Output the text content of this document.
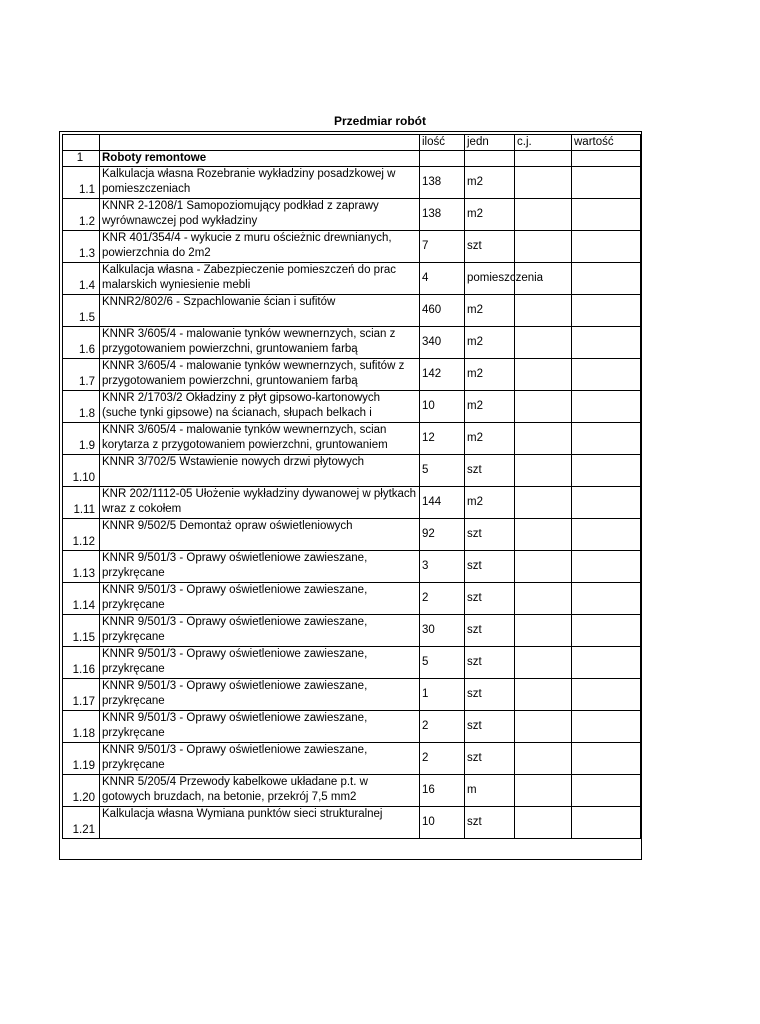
Przedmiar robót
		ilość	jedn	c.j.	wartość
1	Roboty remontowe				
1.1	Kalkulacja własna Rozebranie wykładziny posadzkowej w pomieszczeniach	138	m2		
1.2	KNNR 2-1208/1 Samopoziomujący podkład z zaprawy wyrównawczej pod wykładziny	138	m2		
1.3	KNR 401/354/4 - wykucie z muru ościeżnic drewnianych, powierzchnia do 2m2	7	szt		
1.4	Kalkulacja własna - Zabezpieczenie pomieszczeń do prac malarskich wyniesienie mebli	4	pomieszczenia		
1.5	KNNR2/802/6 - Szpachlowanie ścian i sufitów	460	m2		
1.6	KNNR 3/605/4 - malowanie tynków wewnernzych, scian z przygotowaniem powierzchni, gruntowaniem farbą	340	m2		
1.7	KNNR 3/605/4 - malowanie tynków wewnernzych, sufitów z przygotowaniem powierzchni, gruntowaniem farbą	142	m2		
1.8	KNNR 2/1703/2 Okładziny z płyt gipsowo-kartonowych (suche tynki gipsowe) na ścianach, słupach belkach i	10	m2		
1.9	KNNR 3/605/4 - malowanie tynków wewnernzych, scian korytarza z przygotowaniem powierzchni, gruntowaniem	12	m2		
1.10	KNNR 3/702/5 Wstawienie nowych drzwi płytowych	5	szt		
1.11	KNR 202/1112-05 Ułożenie wykładziny dywanowej w płytkach wraz z cokołem	144	m2		
1.12	KNNR 9/502/5 Demontaż opraw oświetleniowych	92	szt		
1.13	KNNR 9/501/3 - Oprawy oświetleniowe zawieszane, przykręcane	3	szt		
1.14	KNNR 9/501/3 - Oprawy oświetleniowe zawieszane, przykręcane	2	szt		
1.15	KNNR 9/501/3 - Oprawy oświetleniowe zawieszane, przykręcane	30	szt		
1.16	KNNR 9/501/3 - Oprawy oświetleniowe zawieszane, przykręcane	5	szt		
1.17	KNNR 9/501/3 - Oprawy oświetleniowe zawieszane, przykręcane	1	szt		
1.18	KNNR 9/501/3 - Oprawy oświetleniowe zawieszane, przykręcane	2	szt		
1.19	KNNR 9/501/3 - Oprawy oświetleniowe zawieszane, przykręcane	2	szt		
1.20	KNNR 5/205/4 Przewody kabelkowe układane p.t. w gotowych bruzdach, na betonie, przekrój 7,5 mm2	16	m		
1.21	Kalkulacja własna Wymiana punktów sieci strukturalnej	10	szt		
